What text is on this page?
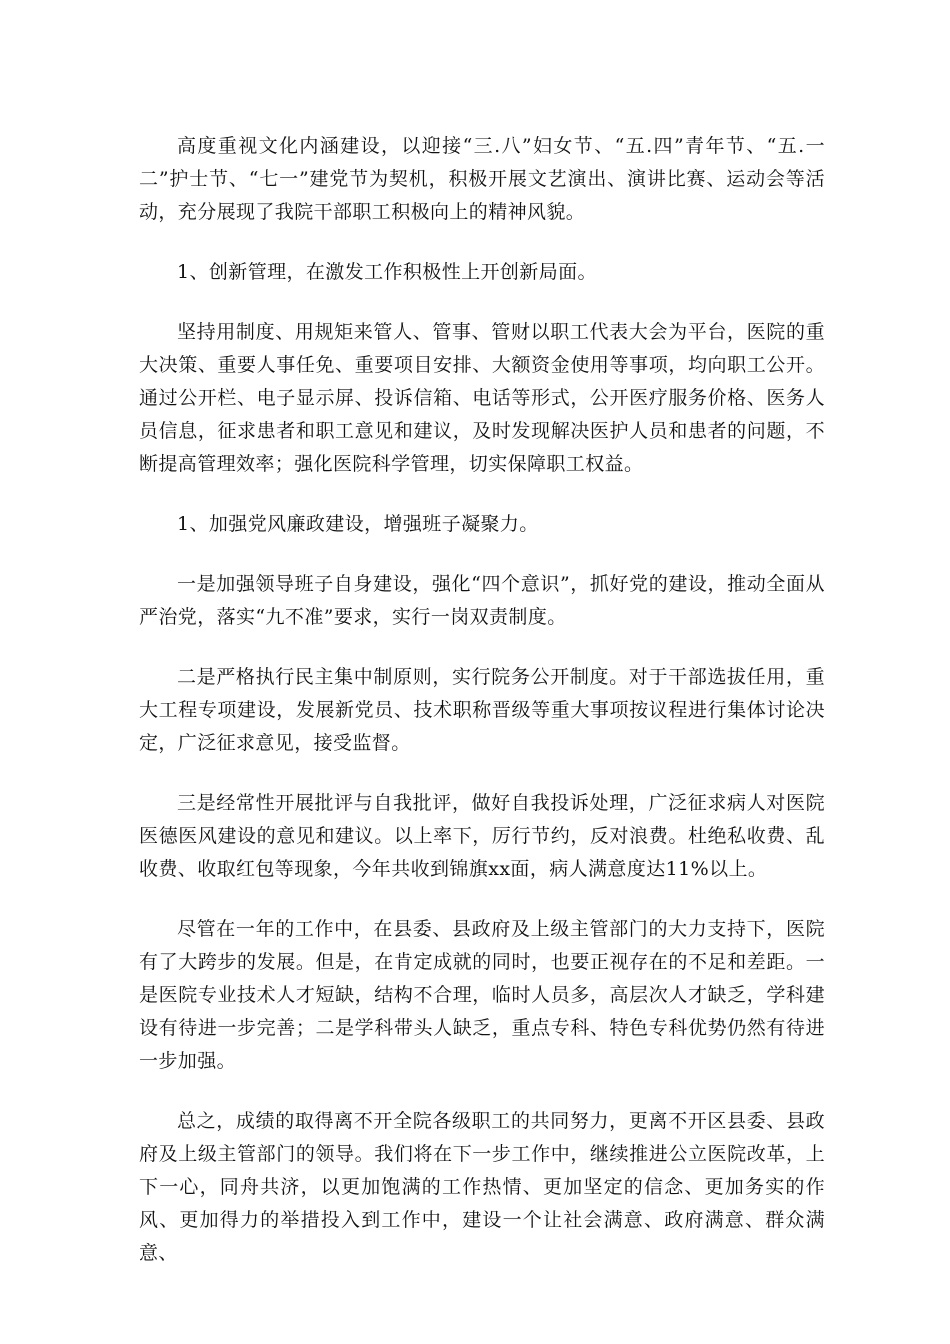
高度重视文化内涵建设，以迎接“三.八”妇女节、“五.四”青年节、“五.一二”护士节、“七一”建党节为契机，积极开展文艺演出、演讲比赛、运动会等活动，充分展现了我院干部职工积极向上的精神风貌。

1、创新管理，在激发工作积极性上开创新局面。

坚持用制度、用规矩来管人、管事、管财以职工代表大会为平台，医院的重大决策、重要人事任免、重要项目安排、大额资金使用等事项，均向职工公开。通过公开栏、电子显示屏、投诉信箱、电话等形式，公开医疗服务价格、医务人员信息，征求患者和职工意见和建议，及时发现解决医护人员和患者的问题，不断提高管理效率；强化医院科学管理，切实保障职工权益。

1、加强党风廉政建设，增强班子凝聚力。

一是加强领导班子自身建设，强化“四个意识”，抓好党的建设，推动全面从严治党，落实“九不准”要求，实行一岗双责制度。

二是严格执行民主集中制原则，实行院务公开制度。对于干部选拔任用，重大工程专项建设，发展新党员、技术职称晋级等重大事项按议程进行集体讨论决定，广泛征求意见，接受监督。

三是经常性开展批评与自我批评，做好自我投诉处理，广泛征求病人对医院医德医风建设的意见和建议。以上率下，厉行节约，反对浪费。杜绝私收费、乱收费、收取红包等现象，今年共收到锦旗xx面，病人满意度达11%以上。

尽管在一年的工作中，在县委、县政府及上级主管部门的大力支持下，医院有了大跨步的发展。但是，在肯定成就的同时，也要正视存在的不足和差距。一是医院专业技术人才短缺，结构不合理，临时人员多，高层次人才缺乏，学科建设有待进一步完善；二是学科带头人缺乏，重点专科、特色专科优势仍然有待进一步加强。

总之，成绩的取得离不开全院各级职工的共同努力，更离不开区县委、县政府及上级主管部门的领导。我们将在下一步工作中，继续推进公立医院改革，上下一心，同舟共济，以更加饱满的工作热情、更加坚定的信念、更加务实的作风、更加得力的举措投入到工作中，建设一个让社会满意、政府满意、群众满意、
